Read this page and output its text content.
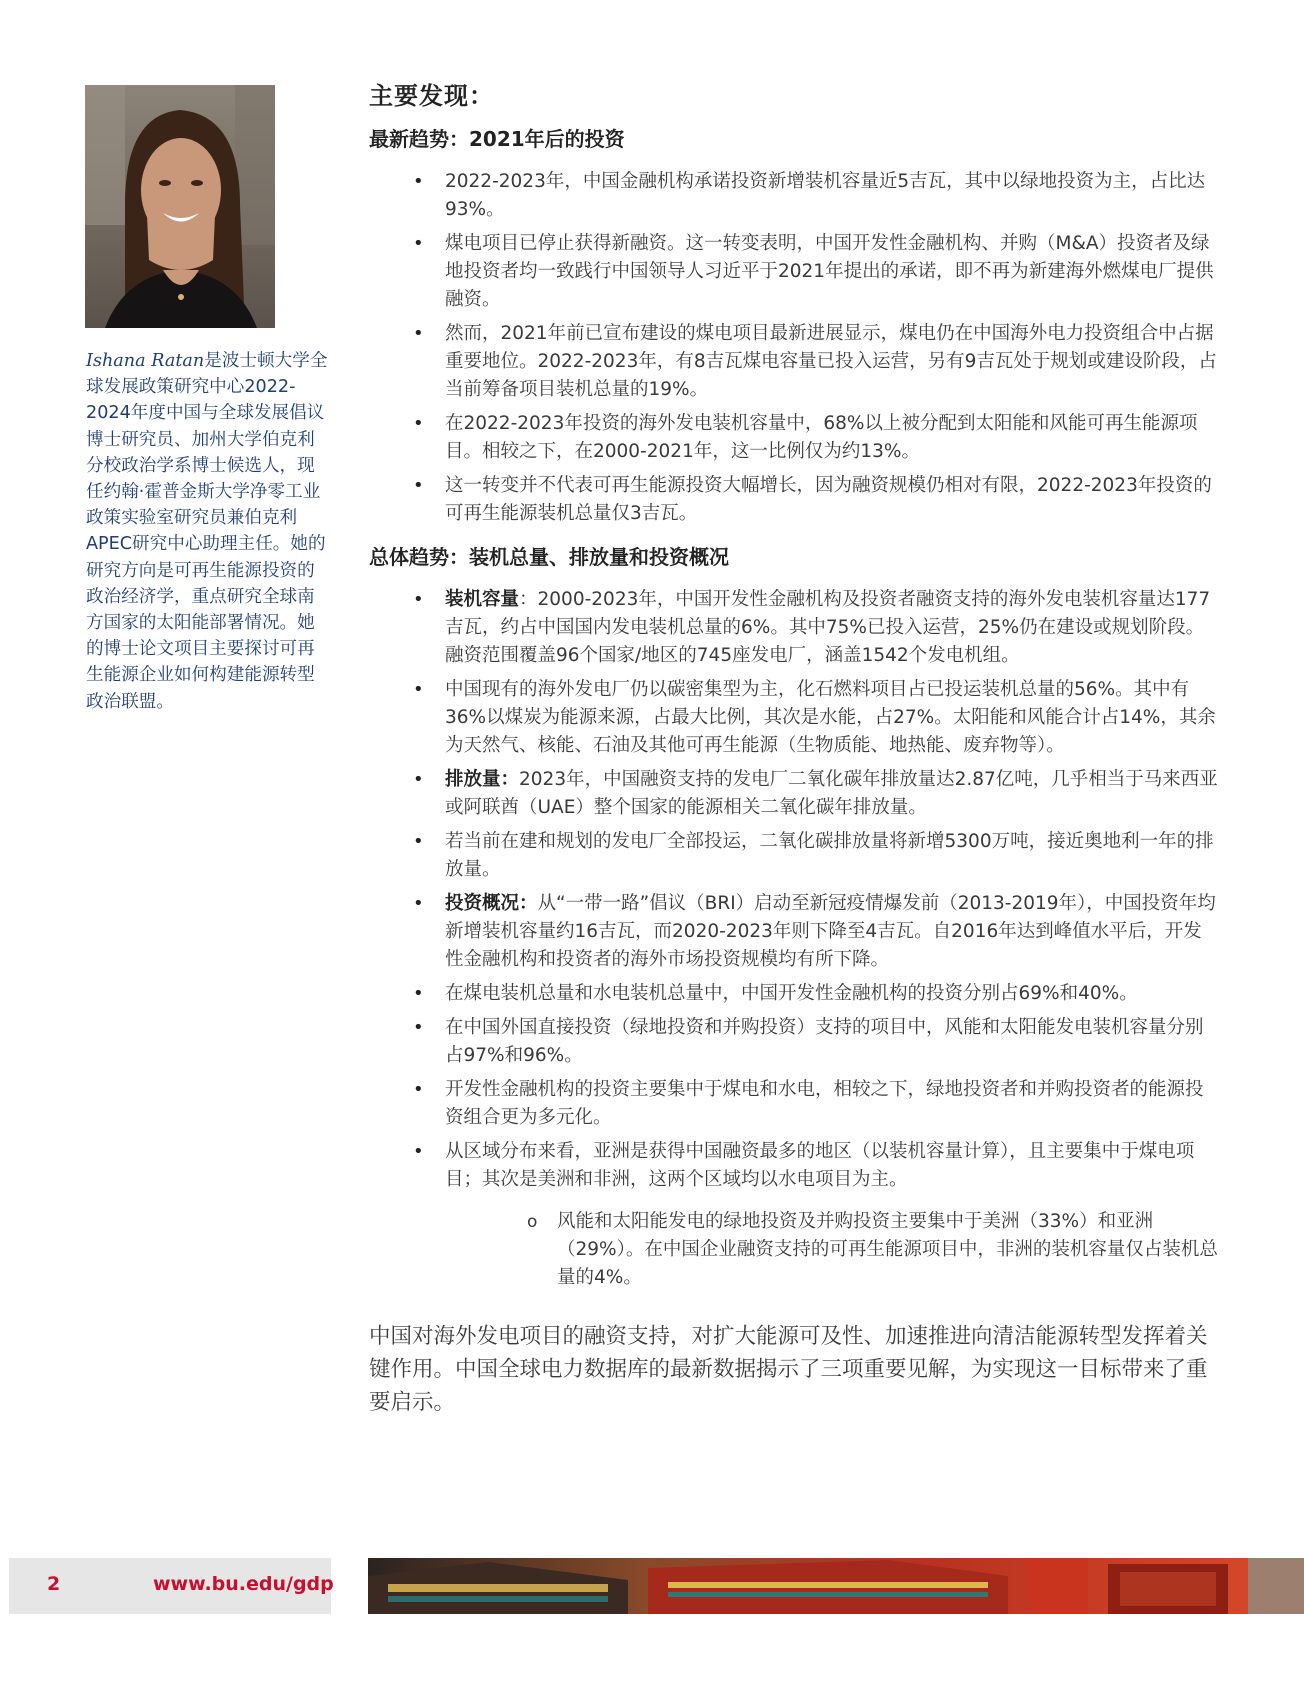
Ishana Ratan是波士顿大学全球发展政策研究中心2022-2024年度中国与全球发展倡议博士研究员、加州大学伯克利分校政治学系博士候选人，现任约翰·霍普金斯大学净零工业政策实验室研究员兼伯克利APEC研究中心助理主任。她的研究方向是可再生能源投资的政治经济学，重点研究全球南方国家的太阳能部署情况。她的博士论文项目主要探讨可再生能源企业如何构建能源转型政治联盟。
主要发现：
最新趋势：2021年后的投资
• 2022-2023年，中国金融机构承诺投资新增装机容量近5吉瓦，其中以绿地投资为主，占比达93%。
• 煤电项目已停止获得新融资。这一转变表明，中国开发性金融机构、并购（M&A）投资者及绿地投资者均一致践行中国领导人习近平于2021年提出的承诺，即不再为新建海外燃煤电厂提供融资。
• 然而，2021年前已宣布建设的煤电项目最新进展显示，煤电仍在中国海外电力投资组合中占据重要地位。2022-2023年，有8吉瓦煤电容量已投入运营，另有9吉瓦处于规划或建设阶段，占当前筹备项目装机总量的19%。
• 在2022-2023年投资的海外发电装机容量中，68%以上被分配到太阳能和风能可再生能源项目。相较之下，在2000-2021年，这一比例仅为约13%。
• 这一转变并不代表可再生能源投资大幅增长，因为融资规模仍相对有限，2022-2023年投资的可再生能源装机总量仅3吉瓦。
总体趋势：装机总量、排放量和投资概况
• 装机容量：2000-2023年，中国开发性金融机构及投资者融资支持的海外发电装机容量达177吉瓦，约占中国国内发电装机总量的6%。其中75%已投入运营，25%仍在建设或规划阶段。融资范围覆盖96个国家/地区的745座发电厂，涵盖1542个发电机组。
• 中国现有的海外发电厂仍以碳密集型为主，化石燃料项目占已投运装机总量的56%。其中有36%以煤炭为能源来源，占最大比例，其次是水能，占27%。太阳能和风能合计占14%，其余为天然气、核能、石油及其他可再生能源（生物质能、地热能、废弃物等）。
• 排放量：2023年，中国融资支持的发电厂二氧化碳年排放量达2.87亿吨，几乎相当于马来西亚或阿联酋（UAE）整个国家的能源相关二氧化碳年排放量。
• 若当前在建和规划的发电厂全部投运，二氧化碳排放量将新增5300万吨，接近奥地利一年的排放量。
• 投资概况：从“一带一路”倡议（BRI）启动至新冠疫情爆发前（2013-2019年），中国投资年均新增装机容量约16吉瓦，而2020-2023年则下降至4吉瓦。自2016年达到峰值水平后，开发性金融机构和投资者的海外市场投资规模均有所下降。
• 在煤电装机总量和水电装机总量中，中国开发性金融机构的投资分别占69%和40%。
• 在中国外国直接投资（绿地投资和并购投资）支持的项目中，风能和太阳能发电装机容量分别占97%和96%。
• 开发性金融机构的投资主要集中于煤电和水电，相较之下，绿地投资者和并购投资者的能源投资组合更为多元化。
• 从区域分布来看，亚洲是获得中国融资最多的地区（以装机容量计算），且主要集中于煤电项目；其次是美洲和非洲，这两个区域均以水电项目为主。
o 风能和太阳能发电的绿地投资及并购投资主要集中于美洲（33%）和亚洲（29%）。在中国企业融资支持的可再生能源项目中，非洲的装机容量仅占装机总量的4%。

中国对海外发电项目的融资支持，对扩大能源可及性、加速推进向清洁能源转型发挥着关键作用。中国全球电力数据库的最新数据揭示了三项重要见解，为实现这一目标带来了重要启示。

2	www.bu.edu/gdp
